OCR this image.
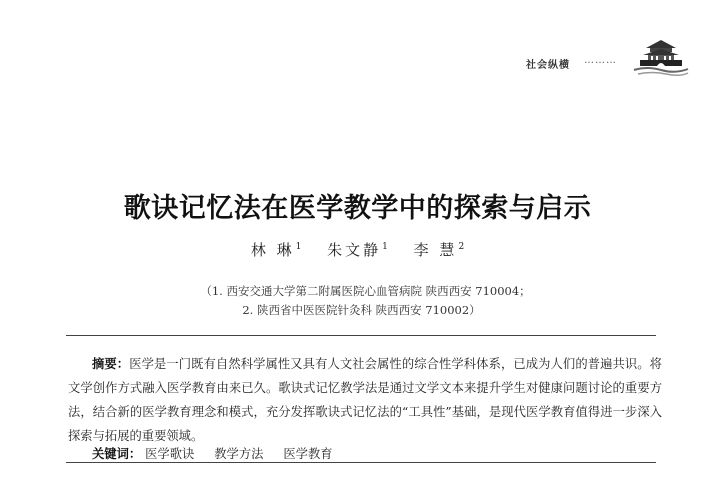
社会纵横 ………
歌诀记忆法在医学教学中的探索与启示
林 琳$^1$ 朱文静$^1$ 李 慧$^2$
（1. 西安交通大学第二附属医院心血管病院 陕西西安 710004；
2. 陕西省中医医院针灸科 陕西西安 710002）

摘要：医学是一门既有自然科学属性又具有人文社会属性的综合性学科体系，已成为人们的普遍共识。将文学创作方式融入医学教育由来已久。歌诀式记忆教学法是通过文学文本来提升学生对健康问题讨论的重要方法，结合新的医学教育理念和模式，充分发挥歌诀式记忆法的“工具性”基础，是现代医学教育值得进一步深入探索与拓展的重要领域。

关键词： 医学歌诀 教学方法 医学教育
